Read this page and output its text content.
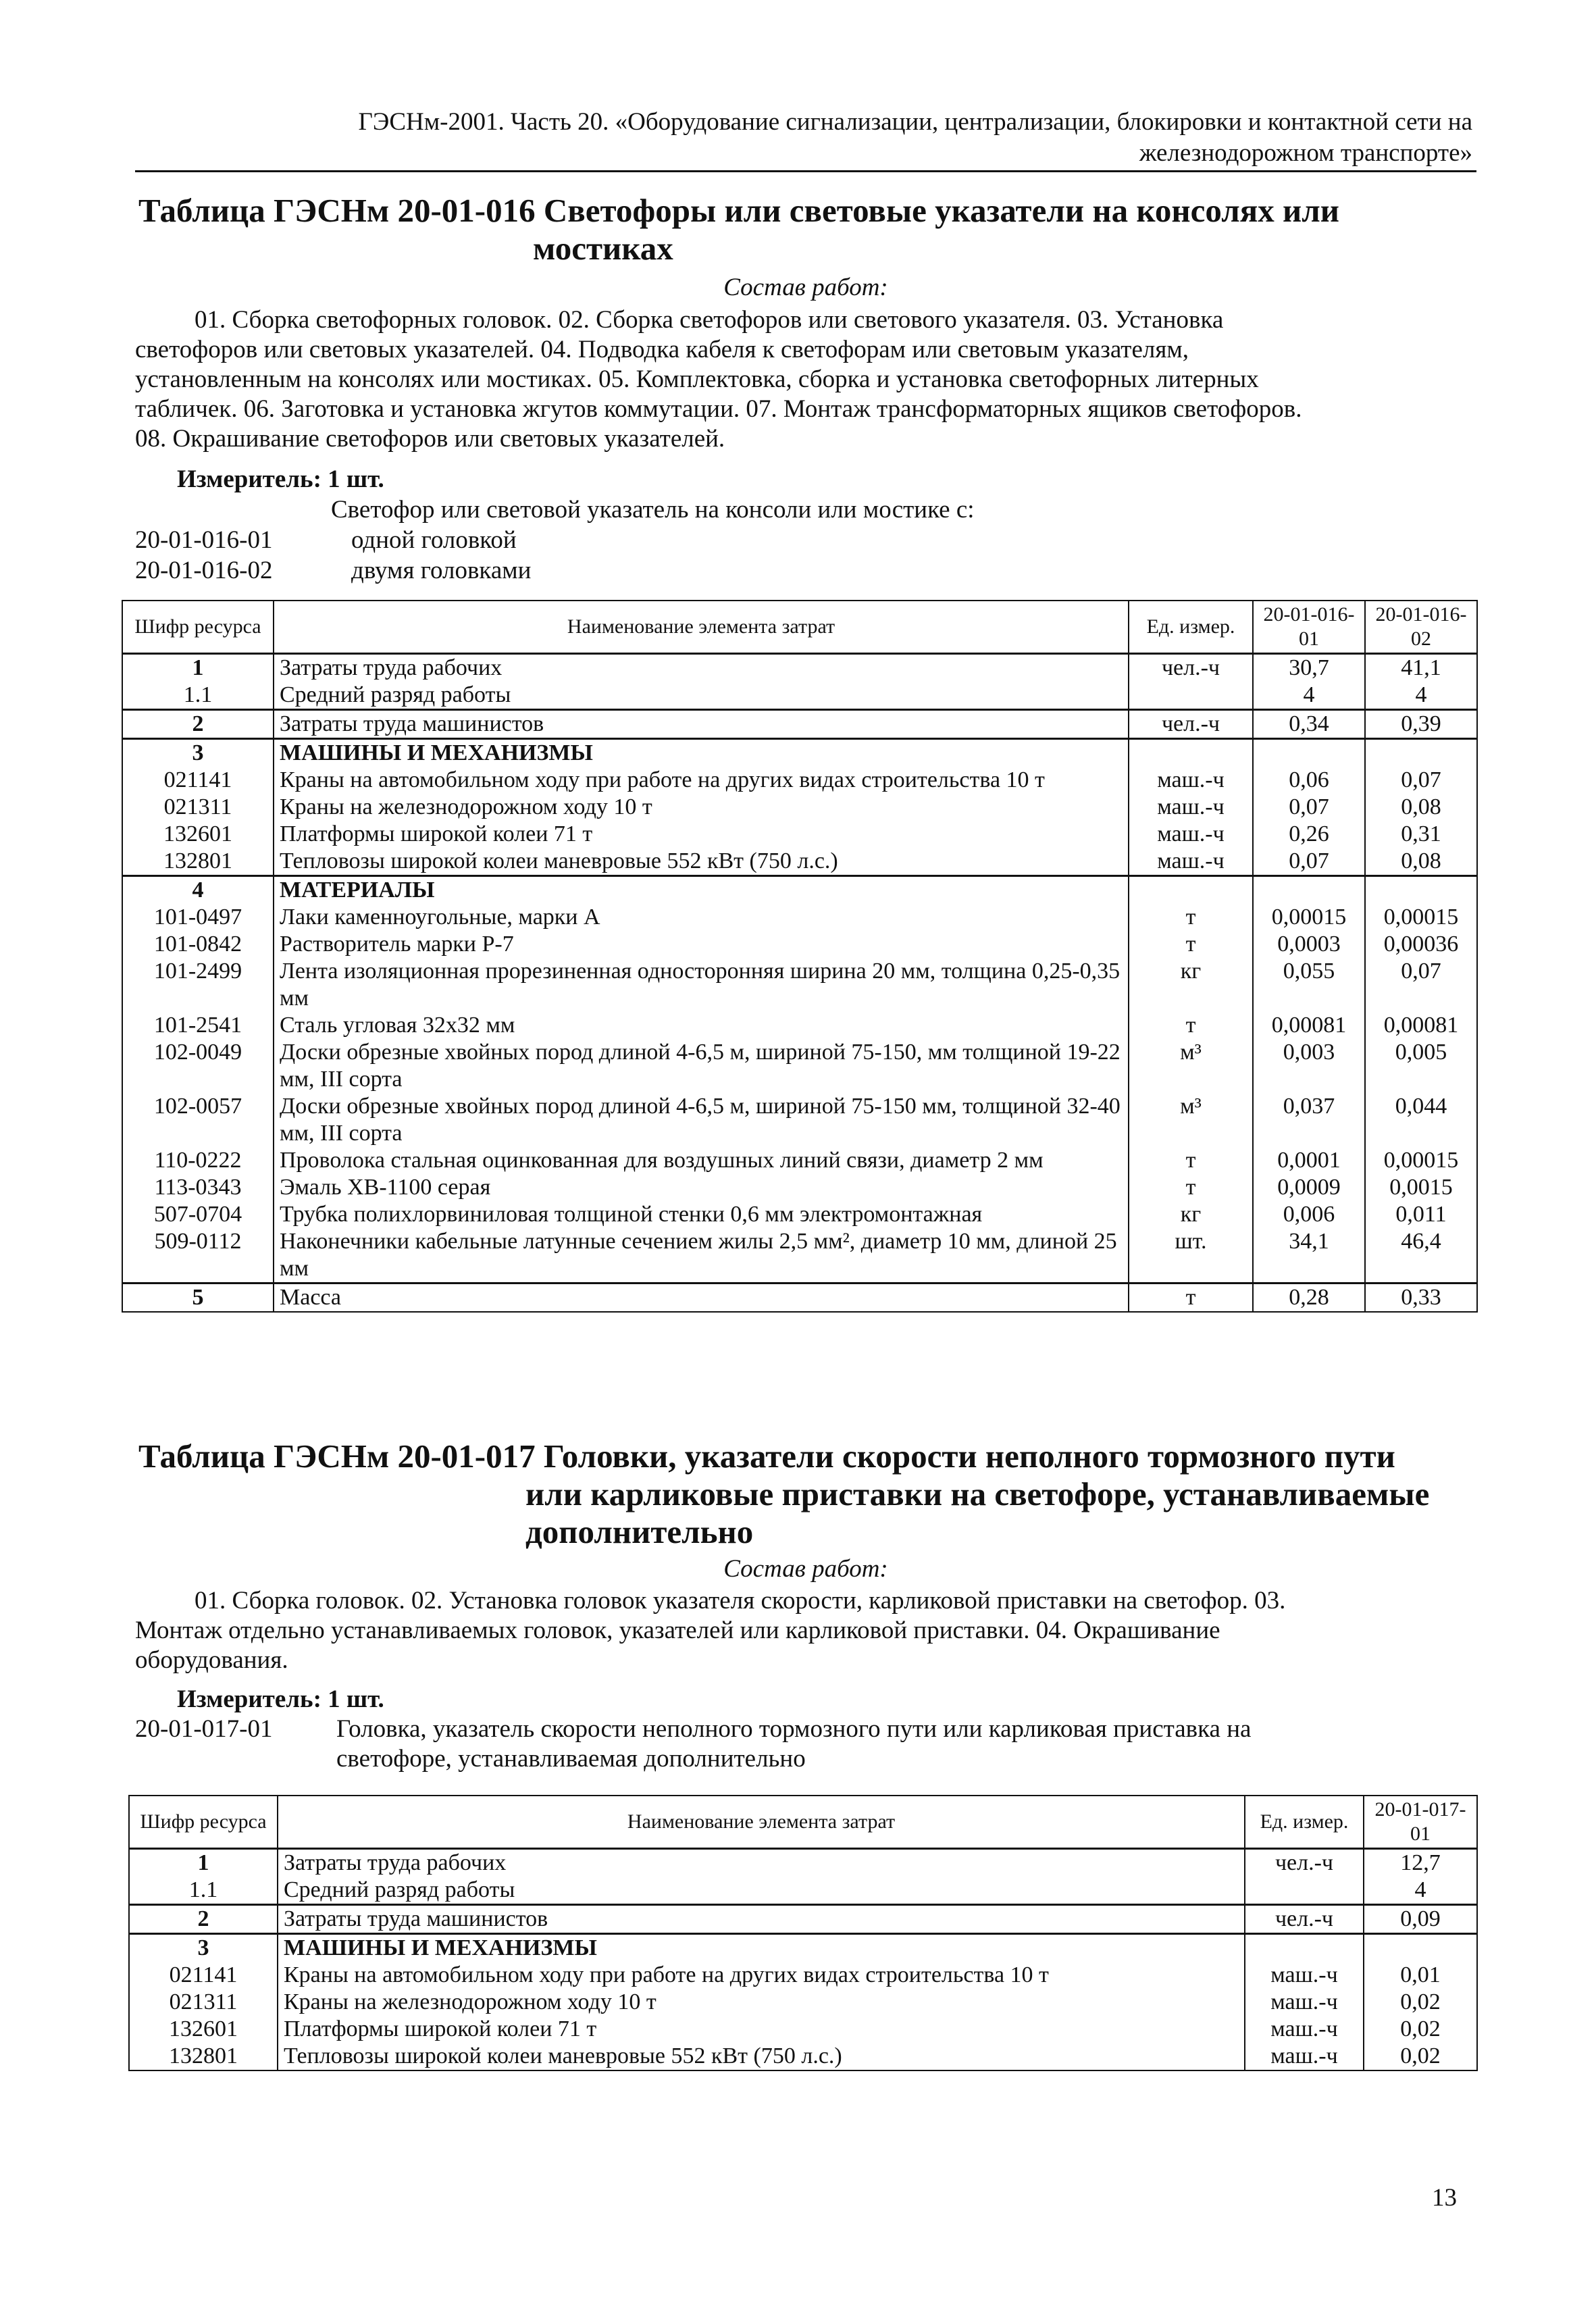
ГЭСНм-2001. Часть 20. «Оборудование сигнализации, централизации, блокировки и контактной сети на
железнодорожном транспорте»
Таблица ГЭСНм 20-01-016 Светофоры или световые указатели на консолях или
мостиках
Состав работ:
01. Сборка светофорных головок. 02. Сборка светофоров или светового указателя. 03. Установка
светофоров или световых указателей. 04. Подводка кабеля к светофорам или световым указателям,
установленным на консолях или мостиках. 05. Комплектовка, сборка и установка светофорных литерных
табличек. 06. Заготовка и установка жгутов коммутации. 07. Монтаж трансформаторных ящиков светофоров.
08. Окрашивание светофоров или световых указателей.
Измеритель: 1 шт.
Светофор или световой указатель на консоли или мостике с:
20-01-016-01	одной головкой
20-01-016-02	двумя головками
Шифр ресурса	Наименование элемента затрат	Ед. измер.	20-01-016-01	20-01-016-02
1	Затраты труда рабочих	чел.-ч	30,7	41,1
1.1	Средний разряд работы		4	4
2	Затраты труда машинистов	чел.-ч	0,34	0,39
3	МАШИНЫ И МЕХАНИЗМЫ			
021141	Краны на автомобильном ходу при работе на других видах строительства 10 т	маш.-ч	0,06	0,07
021311	Краны на железнодорожном ходу 10 т	маш.-ч	0,07	0,08
132601	Платформы широкой колеи 71 т	маш.-ч	0,26	0,31
132801	Тепловозы широкой колеи маневровые 552 кВт (750 л.с.)	маш.-ч	0,07	0,08
4	МАТЕРИАЛЫ			
101-0497	Лаки каменноугольные, марки А	т	0,00015	0,00015
101-0842	Растворитель марки Р-7	т	0,0003	0,00036
101-2499	Лента изоляционная прорезиненная односторонняя ширина 20 мм, толщина 0,25-0,35 мм	кг	0,055	0,07
101-2541	Сталь угловая 32х32 мм	т	0,00081	0,00081
102-0049	Доски обрезные хвойных пород длиной 4-6,5 м, шириной 75-150, мм толщиной 19-22 мм, III сорта	м³	0,003	0,005
102-0057	Доски обрезные хвойных пород длиной 4-6,5 м, шириной 75-150 мм, толщиной 32-40 мм, III сорта	м³	0,037	0,044
110-0222	Проволока стальная оцинкованная для воздушных линий связи, диаметр 2 мм	т	0,0001	0,00015
113-0343	Эмаль ХВ-1100 серая	т	0,0009	0,0015
507-0704	Трубка полихлорвиниловая толщиной стенки 0,6 мм электромонтажная	кг	0,006	0,011
509-0112	Наконечники кабельные латунные сечением жилы 2,5 мм², диаметр 10 мм, длиной 25 мм	шт.	34,1	46,4
5	Масса	т	0,28	0,33
Таблица ГЭСНм 20-01-017 Головки, указатели скорости неполного тормозного пути
или карликовые приставки на светофоре, устанавливаемые
дополнительно
Состав работ:
01. Сборка головок. 02. Установка головок указателя скорости, карликовой приставки на светофор. 03.
Монтаж отдельно устанавливаемых головок, указателей или карликовой приставки. 04. Окрашивание
оборудования.
Измеритель: 1 шт.
20-01-017-01	Головка, указатель скорости неполного тормозного пути или карликовая приставка на
светофоре, устанавливаемая дополнительно
Шифр ресурса	Наименование элемента затрат	Ед. измер.	20-01-017-01
1	Затраты труда рабочих	чел.-ч	12,7
1.1	Средний разряд работы		4
2	Затраты труда машинистов	чел.-ч	0,09
3	МАШИНЫ И МЕХАНИЗМЫ		
021141	Краны на автомобильном ходу при работе на других видах строительства 10 т	маш.-ч	0,01
021311	Краны на железнодорожном ходу 10 т	маш.-ч	0,02
132601	Платформы широкой колеи 71 т	маш.-ч	0,02
132801	Тепловозы широкой колеи маневровые 552 кВт (750 л.с.)	маш.-ч	0,02
13
